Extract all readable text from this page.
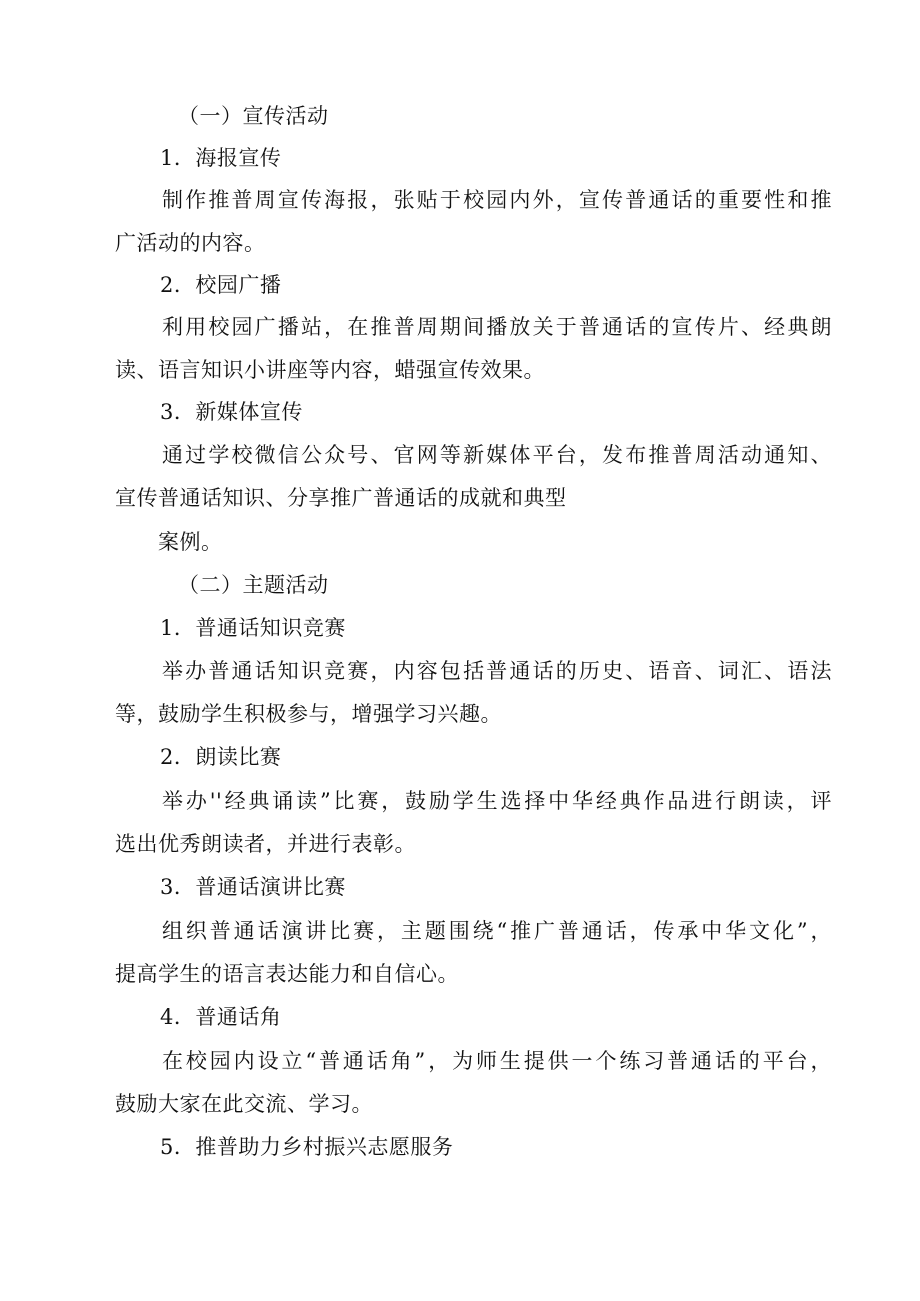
（一）宣传活动
1．海报宣传
制作推普周宣传海报，张贴于校园内外，宣传普通话的重要性和推
广活动的内容。
2．校园广播
利用校园广播站，在推普周期间播放关于普通话的宣传片、经典朗
读、语言知识小讲座等内容，蜡强宣传效果。
3．新媒体宣传
通过学校微信公众号、官网等新媒体平台，发布推普周活动通知、
宣传普通话知识、分享推广普通话的成就和典型
案例。
（二）主题活动
1．普通话知识竞赛
举办普通话知识竞赛，内容包括普通话的历史、语音、词汇、语法
等，鼓励学生积极参与，增强学习兴趣。
2．朗读比赛
举办''经典诵读”比赛，鼓励学生选择中华经典作品进行朗读，评
选出优秀朗读者，并进行表彰。
3．普通话演讲比赛
组织普通话演讲比赛，主题围绕“推广普通话，传承中华文化”，
提高学生的语言表达能力和自信心。
4．普通话角
在校园内设立“普通话角”，为师生提供一个练习普通话的平台，
鼓励大家在此交流、学习。
5．推普助力乡村振兴志愿服务
